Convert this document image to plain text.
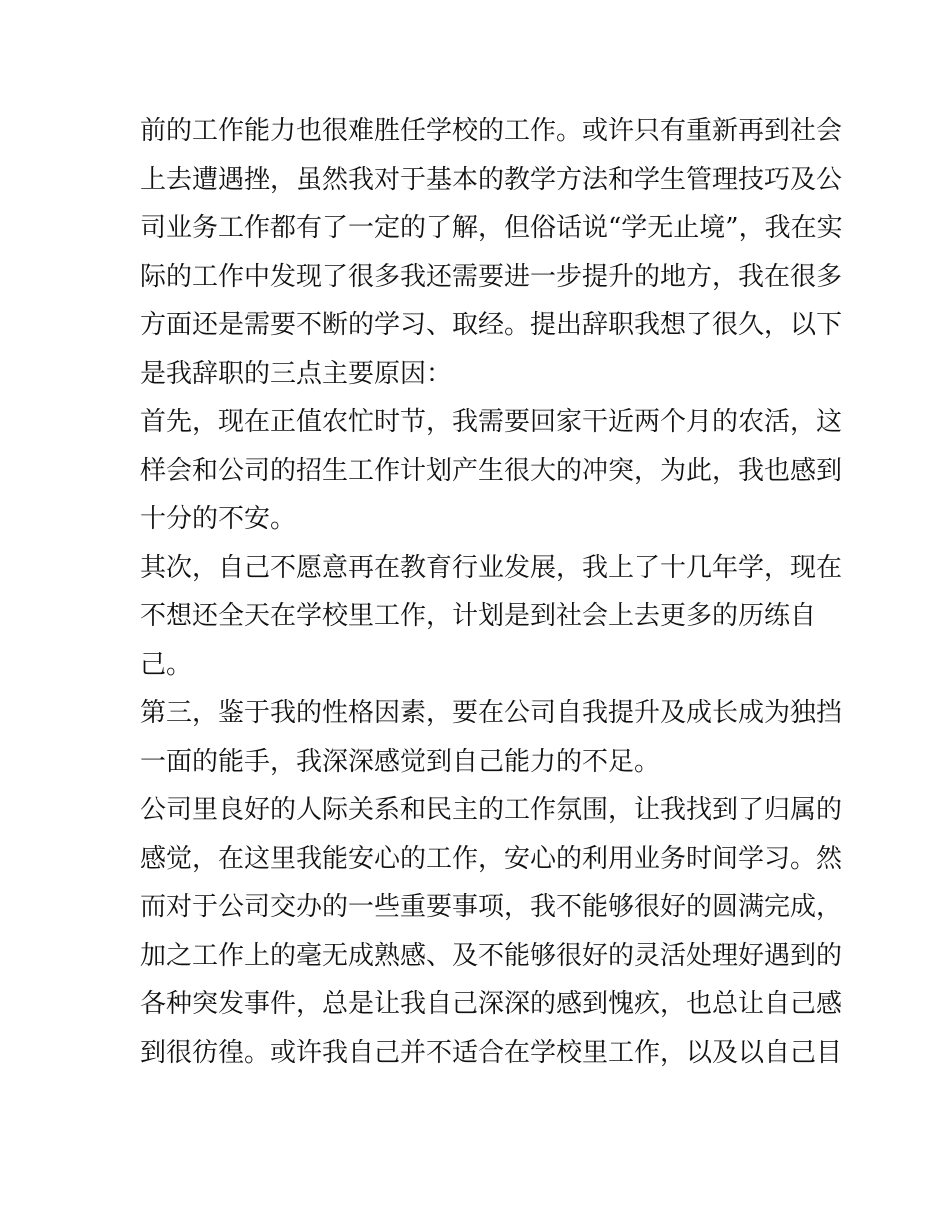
前的工作能力也很难胜任学校的工作。或许只有重新再到社会
上去遭遇挫，虽然我对于基本的教学方法和学生管理技巧及公
司业务工作都有了一定的了解，但俗话说“学无止境”，我在实
际的工作中发现了很多我还需要进一步提升的地方，我在很多
方面还是需要不断的学习、取经。提出辞职我想了很久，以下
是我辞职的三点主要原因：
首先，现在正值农忙时节，我需要回家干近两个月的农活，这
样会和公司的招生工作计划产生很大的冲突，为此，我也感到
十分的不安。
其次，自己不愿意再在教育行业发展，我上了十几年学，现在
不想还全天在学校里工作，计划是到社会上去更多的历练自
己。
第三，鉴于我的性格因素，要在公司自我提升及成长成为独挡
一面的能手，我深深感觉到自己能力的不足。
公司里良好的人际关系和民主的工作氛围，让我找到了归属的
感觉，在这里我能安心的工作，安心的利用业务时间学习。然
而对于公司交办的一些重要事项，我不能够很好的圆满完成，
加之工作上的毫无成熟感、及不能够很好的灵活处理好遇到的
各种突发事件，总是让我自己深深的感到愧疚，也总让自己感
到很彷徨。或许我自己并不适合在学校里工作，以及以自己目
